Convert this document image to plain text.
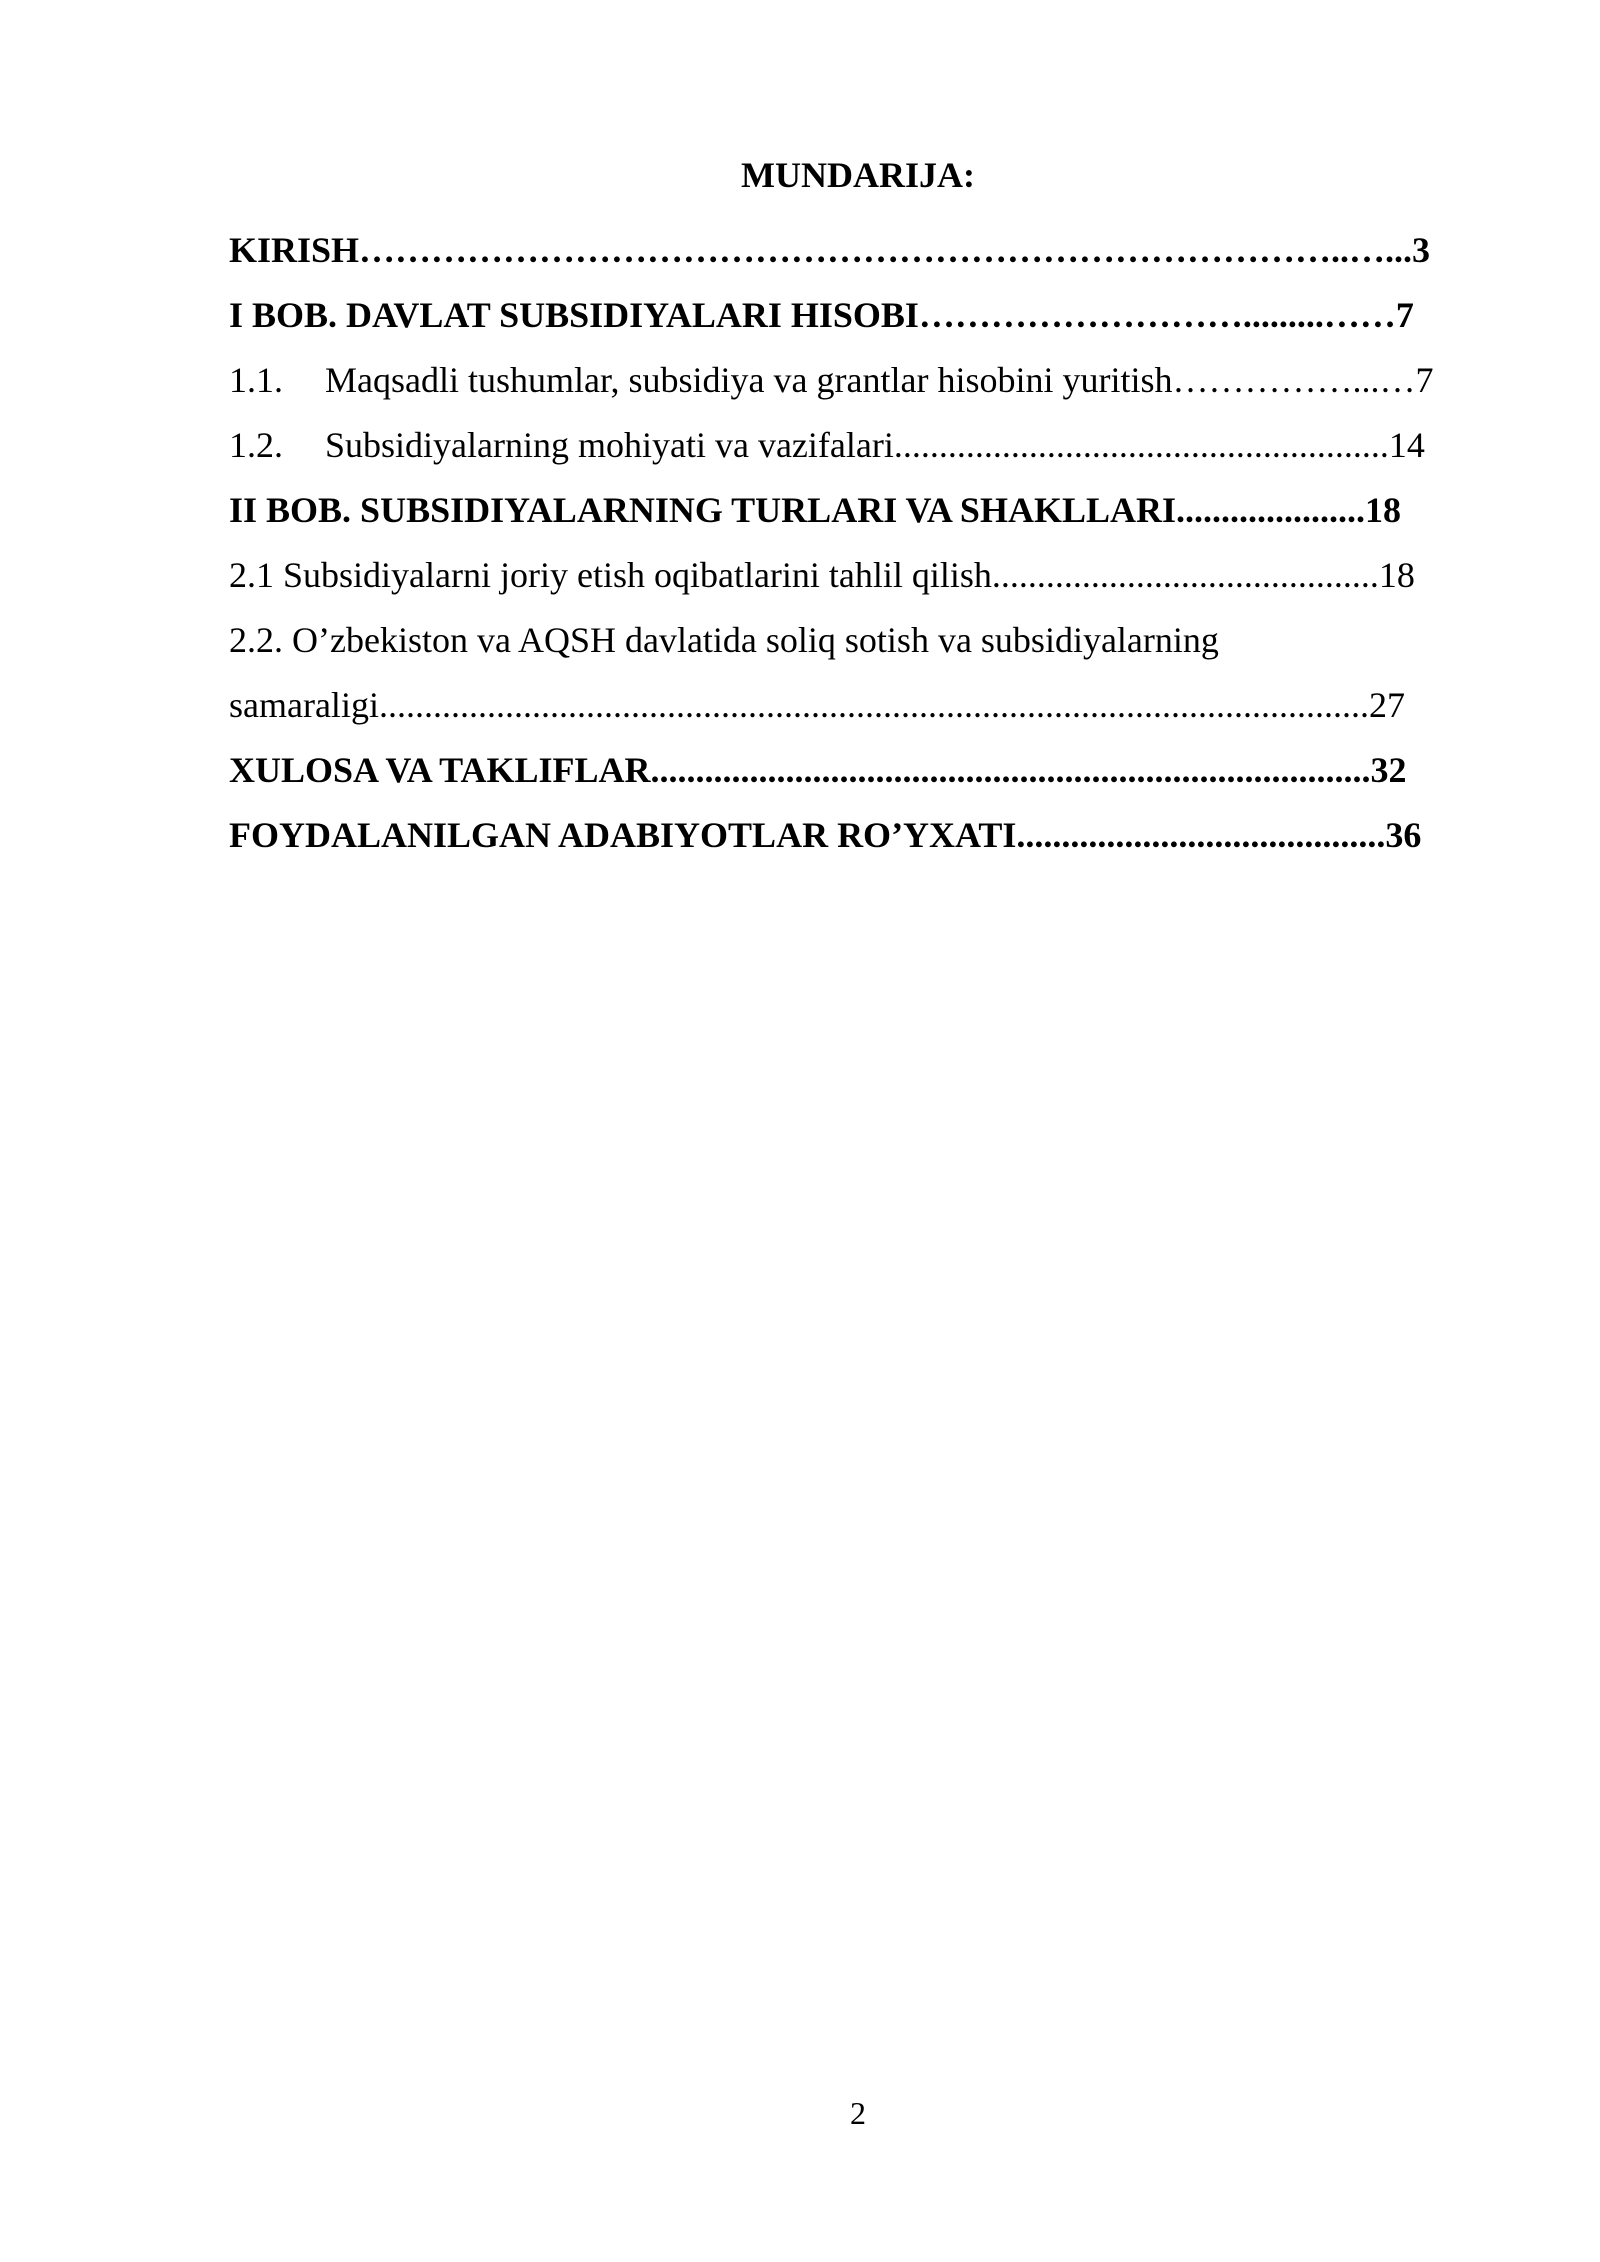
MUNDARIJA:
KIRISH………………………………………………………………………..…...3
I BOB. DAVLAT SUBSIDIYALARI HISOBI……………………….........……7
1.1. Maqsadli tushumlar, subsidiya va grantlar hisobini yuritish……………...…7
1.2. Subsidiyalarning mohiyati va vazifalari.......................................................14
II BOB. SUBSIDIYALARNING TURLARI VA SHAKLLARI.....................18
2.1 Subsidiyalarni joriy etish oqibatlarini tahlil qilish...........................................18
2.2. O’zbekiston va AQSH davlatida soliq sotish va subsidiyalarning
samaraligi..............................................................................................................27
XULOSA VA TAKLIFLAR................................................................................32
FOYDALANILGAN ADABIYOTLAR RO’YXATI.........................................36
2
